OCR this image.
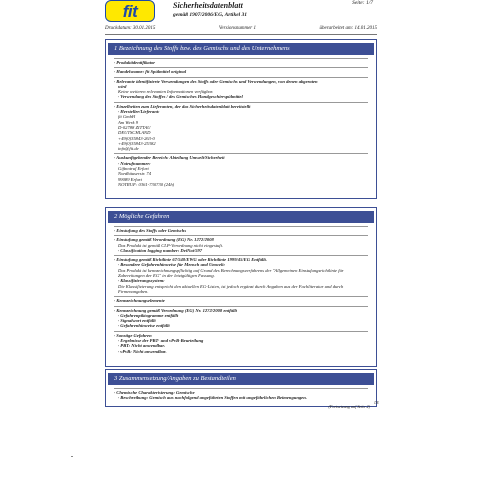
fit	Seite: 1/7
Sicherheitsdatenblatt
gemäß 1907/2006/EG, Artikel 31
Druckdatum: 30.01.2015	Versionsnummer 1	überarbeitet am: 14.01.2015
1 Bezeichnung des Stoffs bzw. des Gemischs und des Unternehmens
· Produktidentifikator
· Handelsname: fit Spülmittel original
· Relevante identifizierte Verwendungen des Stoffs oder Gemischs und Verwendungen, von denen abgeraten
wird
Keine weiteren relevanten Informationen verfügbar.
· Verwendung des Stoffes / des Gemisches Handgeschirrspülmittel
· Einzelheiten zum Lieferanten, der das Sicherheitsdatenblatt bereitstellt
· Hersteller/Lieferant:
fit GmbH
Am Werk 9
D-02788 ZITTAU
DEUTSCHLAND
+49(0)35843-263-0
+49(0)35843-25382
info@fit.de
· Auskunftgebender Bereich: Abteilung Umwelt/Sicherheit
· Notrufnummer:
Giftnotruf Erfurt
Nordhäuserstr. 74
99089 Erfurt
NOTRUF: 0361-730730 (24h)
2 Mögliche Gefahren
· Einstufung des Stoffs oder Gemischs
· Einstufung gemäß Verordnung (EG) Nr. 1272/2008
Das Produkt ist gemäß CLP-Verordnung nicht eingestuft.
· Classification logging number: DeiNot/597
· Einstufung gemäß Richtlinie 67/548/EWG oder Richtlinie 1999/45/EG Entfällt.
· Besondere Gefahrenhinweise für Mensch und Umwelt:
Das Produkt ist kennzeichnungspflichtig auf Grund des Berechnungsverfahrens der "Allgemeinen Einstufungsrichtlinie für Zubereitungen der EG" in der letztgültigen Fassung.
· Klassifizierungssystem:
Die Klassifizierung entspricht den aktuellen EG-Listen, ist jedoch ergänzt durch Angaben aus der Fachliteratur und durch Firmenangaben.
· Kennzeichnungselemente
· Kennzeichnung gemäß Verordnung (EG) Nr. 1272/2008 entfällt
· Gefahrenpiktogramme entfällt
· Signalwort entfällt
· Gefahrenhinweise entfällt
· Sonstige Gefahren
· Ergebnisse der PBT- und vPvB-Beurteilung
· PBT: Nicht anwendbar.
· vPvB: Nicht anwendbar.
3 Zusammensetzung/Angaben zu Bestandteilen
· Chemische Charakterisierung: Gemische
· Beschreibung: Gemisch aus nachfolgend angeführten Stoffen mit ungefährlichen Beimengungen.
(Fortsetzung auf Seite 2)
DE
